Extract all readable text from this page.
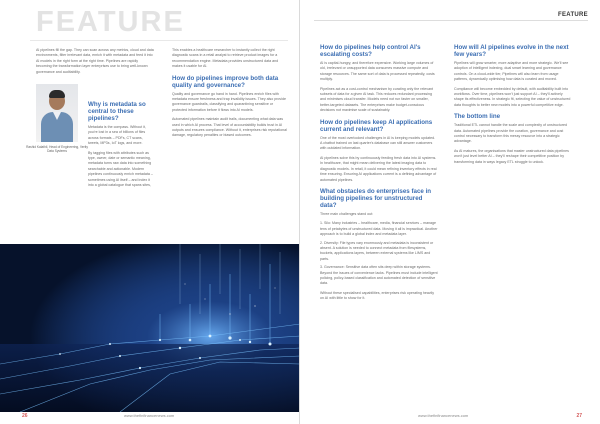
FEATURE

AI pipelines fill the gap. They can scan across any metrics, cloud and data environments, filter irrelevant data, enrich it with metadata and feed it into AI models in the right form at the right time. Pipelines are rapidly becoming the transformation layer enterprises use to bring well-known governance and auditability.

Rashid Kalathil, Head of Engineering, Verity Data Systems
Why is metadata so central to these pipelines?

Metadata is the compass. Without it, you're lost in a sea of billions of files across formats – PDFs, CT scans, tweets, MP3s, IoT logs, and more.

By tagging files with attributes such as type, owner, date or semantic meaning, metadata turns raw data into something searchable and actionable. Modern pipelines continuously enrich metadata – sometimes using AI itself – and index it into a global catalogue that spans sites,

This enables a healthcare researcher to instantly collect the right diagnostic scans in a retail analyst to retrieve product images for a recommendation engine. Metadata provides unstructured data and makes it usable for AI.

How do pipelines improve both data quality and governance?

Quality and governance go hand in hand. Pipelines enrich files with metadata ensure freshness and trap invalidity issues. They also provide governance guardrails, classifying and quarantining sensitive or protected information before it flows into AI models.

Automated pipelines maintain audit trails, documenting what data was used in which AI process. That level of accountability builds trust in AI outputs and ensures compliance. Without it, enterprises risk reputational damage, regulatory penalties or biased outcomes.

www.thefinfinancenews.com
26
FEATURE
How do pipelines help control AI's escalating costs?

AI is capital-hungry, and therefore expensive. Working large volumes of old, irrelevant or unsupported data consumes massive compute and storage resources. The same sort of data is processed repeatedly, costs multiply.

Pipelines act as a cost-control mechanism by curating only the relevant subsets of data for a given AI task. This reduces redundant processing and minimises cloud transfer. Models need not run faster on smaller, better-targeted datasets. The enterprises make budget-conscious decisions not maximise scale of sustainably.

How do pipelines keep AI applications current and relevant?

One of the most overlooked challenges in AI is keeping models updated. A chatbot trained on last quarter's database can still answer customers with outdated information.

AI pipelines solve this by continuously feeding fresh data into AI systems. In healthcare, that might mean delivering the latest imaging data to diagnostic models. In retail, it could mean refining inventory effects in real time ensuring. Ensuring AI applications current is a defining advantage of automated pipelines.

What obstacles do enterprises face in building pipelines for unstructured data?

Three main challenges stand out:

1. Silo: Many industries – healthcare, media, financial services – manage tens of petabytes of unstructured data. Moving it all is impractical. Another approach is to build a global index and metadata layer.
2. Diversity: File types vary enormously and metadata is inconsistent or absent. A solution is needed to connect metadata from filesystems, buckets, applications layers, between external systems like LIMS and parts.
3. Governance: Sensitive data often sits deep within storage systems. Beyond the issues of convenience lacks. Pipelines must include intelligent policing, policy-based classification and automated detection of sensitive data.

Without these specialised capabilities, enterprises risk operating heavily on AI with little to show for it.

How will AI pipelines evolve in the next few years?

Pipelines will grow smarter, more adaptive and more strategic. We'll see adoption of intelligent indexing, dual smart learning and governance controls. On a cloud-wide tier, Pipelines will also learn from usage patterns, dynamically optimising how data is curated and moved.

Compliance will become embedded by default, with auditability built into workflows. Over time, pipelines won't just support AI – they'll actively shape its effectiveness. In strategic fit, selecting the value of unstructured data thoughts to better new models into a powerful competitive edge.

The bottom line

Traditional ETL cannot handle the scale and complexity of unstructured data. Automated pipelines provide the curation, governance and cost control necessary to transform this messy resource into a strategic advantage.

As AI matures, the organisations that master unstructured data pipelines won't just level better AI – they'll reshape their competitive position by transforming data in ways legacy ETL struggle to unlock.

www.thefinfinancenews.com	27
